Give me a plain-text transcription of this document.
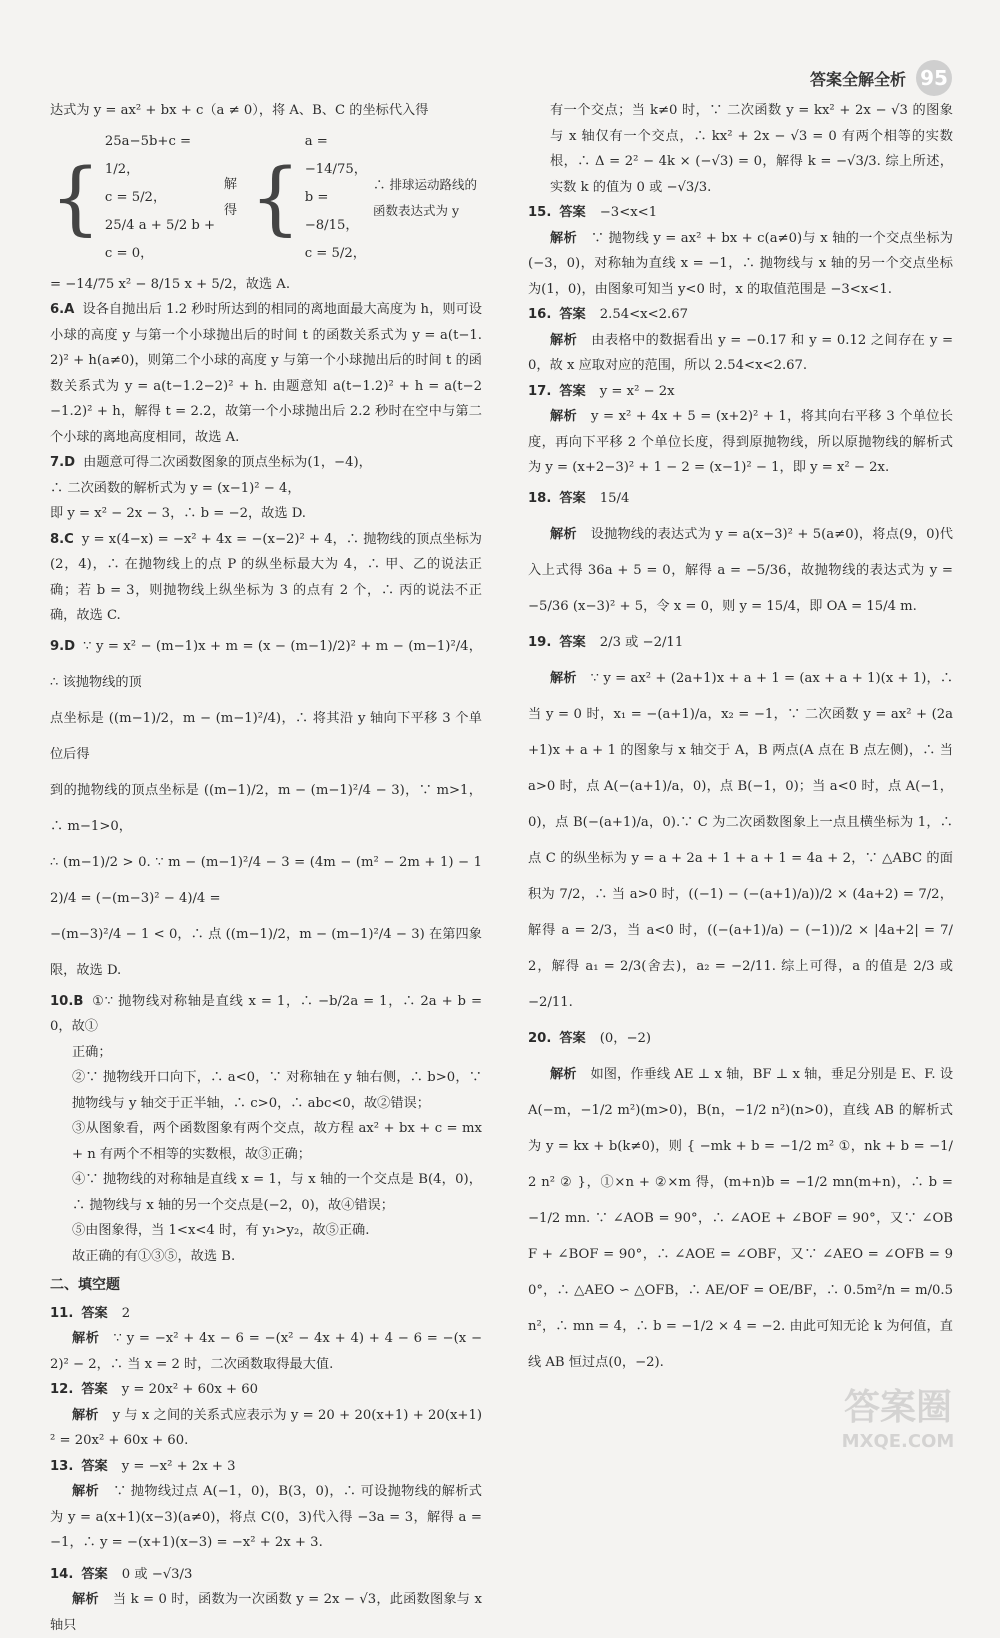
答案全解全析 95
达式为 y = ax² + bx + c（a ≠ 0），将 A、B、C 的坐标代入得
{
25a−5b+c = 1/2，
c = 5/2，
25/4 a + 5/2 b + c = 0，
解得 {
a = −14/75，
b = −8/15，
c = 5/2，
∴ 排球运动路线的函数表达式为 y
= −14/75 x² − 8/15 x + 5/2，故选 A.
6.A 设各自抛出后 1.2 秒时所达到的相同的离地面最大高度为 h，则可设小球的高度 y 与第一个小球抛出后的时间 t 的函数关系式为 y = a(t−1.2)² + h(a≠0)，则第二个小球的高度 y 与第一个小球抛出后的时间 t 的函数关系式为 y = a(t−1.2−2)² + h. 由题意知 a(t−1.2)² + h = a(t−2−1.2)² + h，解得 t = 2.2，故第一个小球抛出后 2.2 秒时在空中与第二个小球的离地高度相同，故选 A.
7.D 由题意可得二次函数图象的顶点坐标为(1，−4)，
∴ 二次函数的解析式为 y = (x−1)² − 4，
即 y = x² − 2x − 3，∴ b = −2，故选 D.
8.C y = x(4−x) = −x² + 4x = −(x−2)² + 4，∴ 抛物线的顶点坐标为(2，4)，∴ 在抛物线上的点 P 的纵坐标最大为 4，∴ 甲、乙的说法正确；若 b = 3，则抛物线上纵坐标为 3 的点有 2 个，∴ 丙的说法不正确，故选 C.
9.D ∵ y = x² − (m−1)x + m = (x − (m−1)/2)² + m − (m−1)²/4，∴ 该抛物线的顶
点坐标是 ((m−1)/2，m − (m−1)²/4)，∴ 将其沿 y 轴向下平移 3 个单位后得
到的抛物线的顶点坐标是 ((m−1)/2，m − (m−1)²/4 − 3)，∵ m>1，∴ m−1>0，
∴ (m−1)/2 > 0. ∵ m − (m−1)²/4 − 3 = (4m − (m² − 2m + 1) − 12)/4 = (−(m−3)² − 4)/4 =
−(m−3)²/4 − 1 < 0，∴ 点 ((m−1)/2，m − (m−1)²/4 − 3) 在第四象限，故选 D.
10.B ①∵ 抛物线对称轴是直线 x = 1，∴ −b/2a = 1，∴ 2a + b = 0，故①
正确；
②∵ 抛物线开口向下，∴ a<0，∵ 对称轴在 y 轴右侧，∴ b>0，∵ 抛物线与 y 轴交于正半轴，∴ c>0，∴ abc<0，故②错误；
③从图象看，两个函数图象有两个交点，故方程 ax² + bx + c = mx + n 有两个不相等的实数根，故③正确；
④∵ 抛物线的对称轴是直线 x = 1，与 x 轴的一个交点是 B(4，0)，∴ 抛物线与 x 轴的另一个交点是(−2，0)，故④错误；
⑤由图象得，当 1<x<4 时，有 y₁>y₂，故⑤正确.
故正确的有①③⑤，故选 B.
二、填空题
11. 答案 2
解析 ∵ y = −x² + 4x − 6 = −(x² − 4x + 4) + 4 − 6 = −(x − 2)² − 2，∴ 当 x = 2 时，二次函数取得最大值.
12. 答案 y = 20x² + 60x + 60
解析 y 与 x 之间的关系式应表示为 y = 20 + 20(x+1) + 20(x+1)² = 20x² + 60x + 60.
13. 答案 y = −x² + 2x + 3
解析 ∵ 抛物线过点 A(−1，0)，B(3，0)，∴ 可设抛物线的解析式为 y = a(x+1)(x−3)(a≠0)，将点 C(0，3)代入得 −3a = 3，解得 a = −1，∴ y = −(x+1)(x−3) = −x² + 2x + 3.
14. 答案 0 或 −√3/3
解析 当 k = 0 时，函数为一次函数 y = 2x − √3，此函数图象与 x 轴只
有一个交点；当 k≠0 时，∵ 二次函数 y = kx² + 2x − √3 的图象与 x 轴仅有一个交点，∴ kx² + 2x − √3 = 0 有两个相等的实数根，∴ Δ = 2² − 4k × (−√3) = 0，解得 k = −√3/3. 综上所述，实数 k 的值为 0 或 −√3/3.
15. 答案 −3<x<1
解析 ∵ 抛物线 y = ax² + bx + c(a≠0)与 x 轴的一个交点坐标为(−3，0)，对称轴为直线 x = −1，∴ 抛物线与 x 轴的另一个交点坐标为(1，0)，由图象可知当 y<0 时，x 的取值范围是 −3<x<1.
16. 答案 2.54<x<2.67
解析 由表格中的数据看出 y = −0.17 和 y = 0.12 之间存在 y = 0，故 x 应取对应的范围，所以 2.54<x<2.67.
17. 答案 y = x² − 2x
解析 y = x² + 4x + 5 = (x+2)² + 1，将其向右平移 3 个单位长度，再向下平移 2 个单位长度，得到原抛物线，所以原抛物线的解析式为 y = (x+2−3)² + 1 − 2 = (x−1)² − 1，即 y = x² − 2x.
18. 答案 15/4
解析 设抛物线的表达式为 y = a(x−3)² + 5(a≠0)，将点(9，0)代入上式得 36a + 5 = 0，解得 a = −5/36，故抛物线的表达式为 y = −5/36 (x−3)² + 5，令 x = 0，则 y = 15/4，即 OA = 15/4 m.
19. 答案 2/3 或 −2/11
解析 ∵ y = ax² + (2a+1)x + a + 1 = (ax + a + 1)(x + 1)，∴ 当 y = 0 时，x₁ = −(a+1)/a，x₂ = −1，∵ 二次函数 y = ax² + (2a+1)x + a + 1 的图象与 x 轴交于 A，B 两点(A 点在 B 点左侧)，∴ 当 a>0 时，点 A(−(a+1)/a，0)，点 B(−1，0)；当 a<0 时，点 A(−1，0)，点 B(−(a+1)/a，0).∵ C 为二次函数图象上一点且横坐标为 1，∴ 点 C 的纵坐标为 y = a + 2a + 1 + a + 1 = 4a + 2，∵ △ABC 的面积为 7/2，∴ 当 a>0 时，((−1) − (−(a+1)/a))/2 × (4a+2) = 7/2，解得 a = 2/3，当 a<0 时，((−(a+1)/a) − (−1))/2 × |4a+2| = 7/2，解得 a₁ = 2/3(舍去)，a₂ = −2/11. 综上可得，a 的值是 2/3 或 −2/11.
20. 答案 (0，−2)
解析 如图，作垂线 AE ⊥ x 轴，BF ⊥ x 轴，垂足分别是 E、F. 设 A(−m，−1/2 m²)(m>0)，B(n，−1/2 n²)(n>0)，直线 AB 的解析式为 y = kx + b(k≠0)，则 { −mk + b = −1/2 m² ①，nk + b = −1/2 n² ② }，①×n + ②×m 得，(m+n)b = −1/2 mn(m+n)，∴ b = −1/2 mn. ∵ ∠AOB = 90°，∴ ∠AOE + ∠BOF = 90°，又∵ ∠OBF + ∠BOF = 90°，∴ ∠AOE = ∠OBF，又∵ ∠AEO = ∠OFB = 90°，∴ △AEO ∽ △OFB，∴ AE/OF = OE/BF，∴ 0.5m²/n = m/0.5n²，∴ mn = 4，∴ b = −1/2 × 4 = −2. 由此可知无论 k 为何值，直线 AB 恒过点(0，−2).
答案圈
MXQE.COM
